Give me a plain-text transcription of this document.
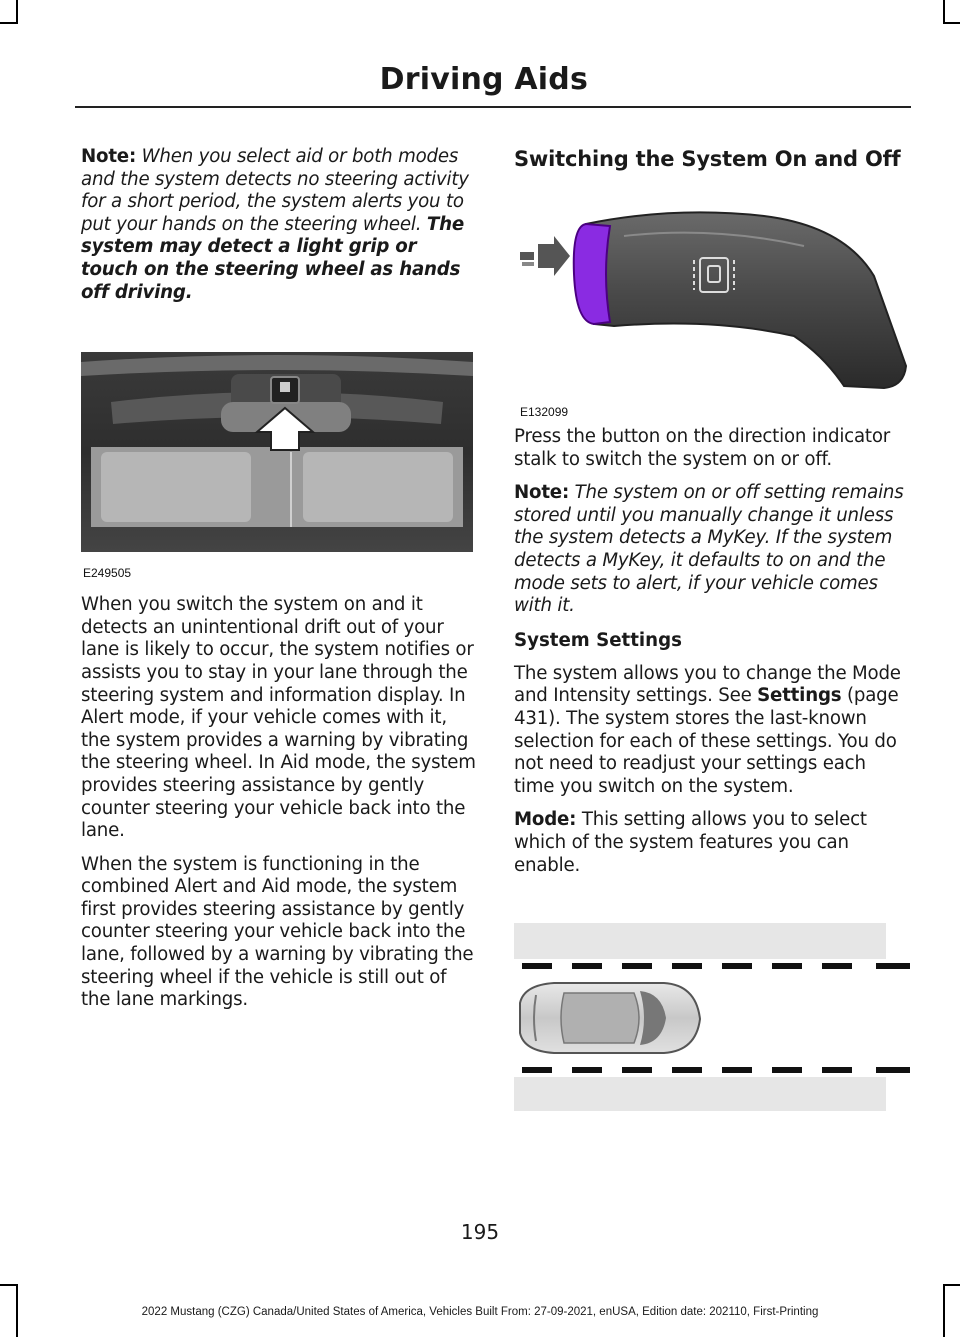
Driving Aids

Note: When you select aid or both modes and the system detects no steering activity for a short period, the system alerts you to put your hands on the steering wheel. The system may detect a light grip or touch on the steering wheel as hands off driving.

E249505

When you switch the system on and it detects an unintentional drift out of your lane is likely to occur, the system notifies or assists you to stay in your lane through the steering system and information display. In Alert mode, if your vehicle comes with it, the system provides a warning by vibrating the steering wheel. In Aid mode, the system provides steering assistance by gently counter steering your vehicle back into the lane.

When the system is functioning in the combined Alert and Aid mode, the system first provides steering assistance by gently counter steering your vehicle back into the lane, followed by a warning by vibrating the steering wheel if the vehicle is still out of the lane markings.

Switching the System On and Off
E132099

Press the button on the direction indicator stalk to switch the system on or off.

Note: The system on or off setting remains stored until you manually change it unless the system detects a MyKey. If the system detects a MyKey, it defaults to on and the mode sets to alert, if your vehicle comes with it.

System Settings

The system allows you to change the Mode and Intensity settings. See Settings (page 431). The system stores the last-known selection for each of these settings. You do not need to readjust your settings each time you switch on the system.

Mode: This setting allows you to select which of the system features you can enable.

195
2022 Mustang (CZG) Canada/United States of America, Vehicles Built From: 27-09-2021, enUSA, Edition date: 202110, First-Printing
